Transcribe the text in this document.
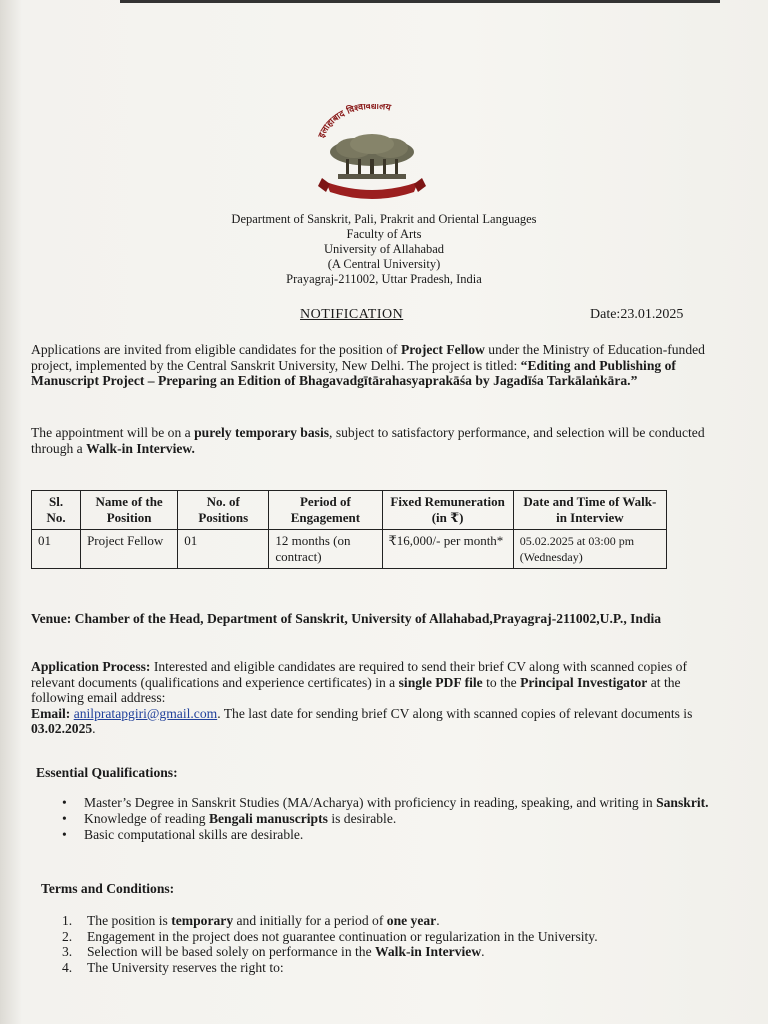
इलाहाबाद विश्वविद्यालय
Department of Sanskrit, Pali, Prakrit and Oriental Languages
Faculty of Arts
University of Allahabad
(A Central University)
Prayagraj-211002, Uttar Pradesh, India
NOTIFICATION	Date:23.01.2025
Applications are invited from eligible candidates for the position of Project Fellow under the Ministry of Education-funded project, implemented by the Central Sanskrit University, New Delhi. The project is titled: “Editing and Publishing of Manuscript Project – Preparing an Edition of Bhagavadgītārahasyaprakāśa by Jagadīśa Tarkālaṅkāra.”
The appointment will be on a purely temporary basis, subject to satisfactory performance, and selection will be conducted through a Walk-in Interview.
Sl. No.	Name of the Position	No. of Positions	Period of Engagement	Fixed Remuneration (in ₹)	Date and Time of Walk-in Interview
01	Project Fellow	01	12 months (on contract)	₹16,000/- per month*	05.02.2025 at 03:00 pm
(Wednesday)
Venue: Chamber of the Head, Department of Sanskrit, University of Allahabad,Prayagraj-211002,U.P., India
Application Process: Interested and eligible candidates are required to send their brief CV along with scanned copies of relevant documents (qualifications and experience certificates) in a single PDF file to the Principal Investigator at the following email address:
Email: anilpratapgiri@gmail.com. The last date for sending brief CV along with scanned copies of relevant documents is 03.02.2025.
Essential Qualifications:
• Master’s Degree in Sanskrit Studies (MA/Acharya) with proficiency in reading, speaking, and writing in Sanskrit.
• Knowledge of reading Bengali manuscripts is desirable.
• Basic computational skills are desirable.
Terms and Conditions:
1. The position is temporary and initially for a period of one year.
2. Engagement in the project does not guarantee continuation or regularization in the University.
3. Selection will be based solely on performance in the Walk-in Interview.
4. The University reserves the right to:
